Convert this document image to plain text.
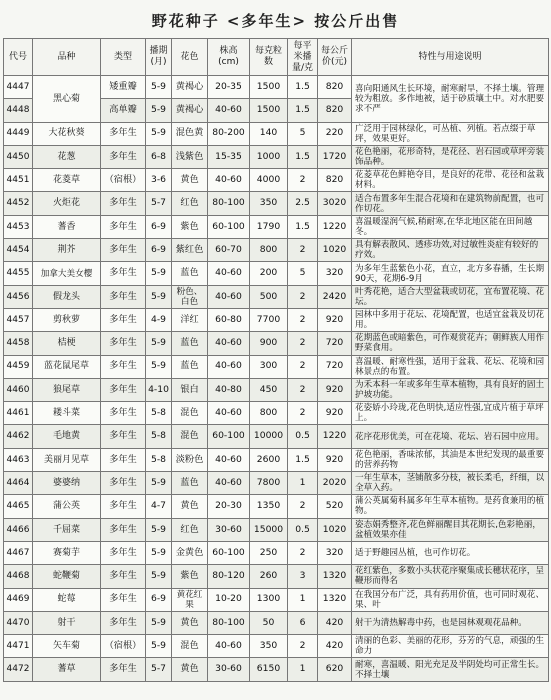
野花种子 <多年生> 按公斤出售
代号	品种	类型	播期(月)	花色	株高(cm)	每克粒数	每平米播量/克	每公斤价(元)	特性与用途说明
4447	黑心菊	矮重瓣	5-9	黄褐心	20-35	1500	1.5	820	喜向阳通风生长环境，耐寒耐旱，不择土壤。管理较为粗放。多作地被，适于砂质壤土中。对水肥要求不严
4448		高单瓣	5-9	黄褐心	40-60	1500	1.5	820	
4449	大花秋葵	多年生	5-9	混色黄	80-200	140	5	220	广泛用于园林绿化，可丛植、列植。若点缀于草坪，效果更好。
4450	花葱	多年生	6-8	浅紫色	15-35	1000	1.5	1720	花色艳丽，花形奇特，是花径、岩石园或草坪旁装饰品种。
4451	花菱草	（宿根）	3-6	黄色	40-60	4000	2	820	花菱草花色鲜艳夺目，是良好的花带、花径和盆栽材料。
4452	火炬花	多年生	5-7	红色	80-100	350	2.5	3020	适合布置多年生混合花境和在建筑物前配置，也可作切花。
4453	蓍香	多年生	6-9	紫色	60-100	1790	1.5	1220	喜温暖湿润气候,稍耐寒,在华北地区能在田间越冬。
4454	荆芥	多年生	6-9	紫红色	60-70	800	2	1020	具有解表散风、透疹功效,对过敏性炎症有较好的疗效。
4455	加拿大美女樱	多年生	5-9	蓝色	40-60	200	5	320	为多年生蓝紫色小花，直立，北方多春播，生长期90天，花期6-9月
4456	假龙头	多年生	5-9	粉色、白色	40-60	500	2	2420	叶秀花艳，适合大型盆栽或切花，宜布置花境、花坛。
4457	剪秋萝	多年生	4-9	洋红	60-80	7700	2	920	园林中多用于花坛、花境配置，也适宜盆栽及切花用。
4458	桔梗	多年生	5-9	蓝色	40-60	900	2	720	花期蓝色或暗紫色，可作观赏花卉；朝鲜族人用作野菜食用。
4459	蓝花鼠尾草	多年生	5-9	蓝色	40-60	300	2	720	喜温暖、耐寒性强，适用于盆栽、花坛、花境和园林景点的布置。
4460	狼尾草	多年生	4-10	银白	40-80	450	2	920	为禾本科一年或多年生草本植物，具有良好的固土护坡功能。
4461	耧斗菜	多年生	5-8	混色	40-60	800	2	920	花姿娇小玲珑,花色明快,适应性强,宜成片植于草坪上。
4462	毛地黄	多年生	5-8	混色	60-100	10000	0.5	1220	花序花形优美，可在花境、花坛、岩石园中应用。
4463	美丽月见草	多年生	5-8	淡粉色	40-60	2600	1.5	920	花色艳丽，香味浓郁，其油是本世纪发现的最重要的营养药物
4464	婆婆纳	多年生	5-9	蓝色	40-60	7800	1	2020	一年生草本，茎铺散多分枝，被长柔毛，纤细，以全草入药。
4465	蒲公英	多年生	4-7	黄色	20-30	1350	2	520	蒲公英属菊科属多年生草本植物。是药食兼用的植物。
4466	千屈菜	多年生	5-9	红色	30-60	15000	0.5	1020	姿态娟秀整齐,花色鲜丽醒目其花期长,色彩艳丽，盆植效果亦佳
4467	赛菊芋	多年生	5-9	金黄色	60-100	250	2	320	适于野趣园丛植，也可作切花。
4468	蛇鞭菊	多年生	5-9	紫色	80-120	260	3	1320	花红紫色，多数小头状花序聚集成长穗状花序，呈鞭形而得名
4469	蛇莓	多年生	6-9	黄花红果	10-20	1300	1	1320	在我国分布广泛，具有药用价值，也可同时观花、果、叶
4470	射干	多年生	5-9	黄色	80-100	50	6	420	射干为清热解毒中药，也是园林观观花品种。
4471	矢车菊	（宿根）	5-9	混色	40-60	350	2	420	清丽的色彩、美丽的花形，芬芳的气息，顽强的生命力
4472	蓍草	多年生	5-7	黄色	30-60	6150	1	620	耐寒，喜温暖、阳光充足及半阴处均可正常生长。不择土壤
